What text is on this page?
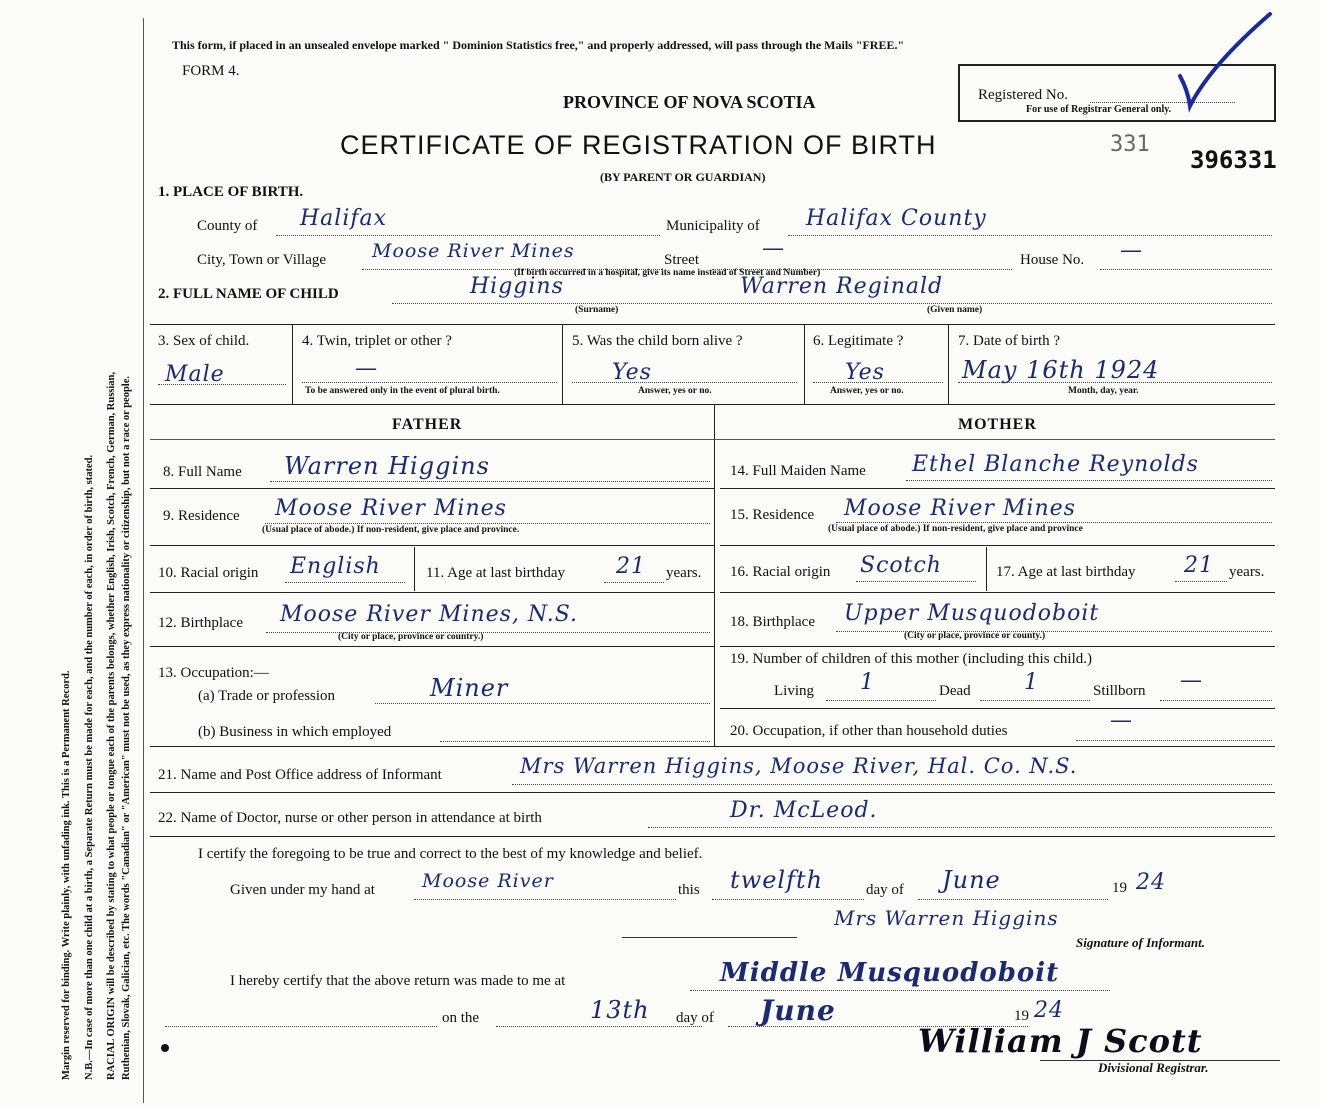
Margin reserved for binding. Write plainly, with unfading ink. This is a Permanent Record. N.B.—In case of more than one child at a birth, a Separate Return must be made for each, and the number of each, in order of birth, stated. RACIAL ORIGIN will be described by stating to what people or tongue each of the parents belongs, whether English, Irish, Scotch, French, German, Russian, Ruthenian, Slovak, Galician, etc. The words "Canadian" or "American" must not be used, as they express nationality or citizenship, but not a race or people.
This form, if placed in an unsealed envelope marked " Dominion Statistics free," and properly addressed, will pass through the Mails "FREE."
FORM 4.
PROVINCE OF NOVA SCOTIA
CERTIFICATE OF REGISTRATION OF BIRTH
(BY PARENT OR GUARDIAN)
Registered No.
For use of Registrar General only.
331
396331
1. PLACE OF BIRTH.
County of Halifax	Municipality of Halifax County
City, Town or Village Moose River Mines	Street	—	House No. —
(If birth occurred in a hospital, give its name instead of Street and Number)
2. FULL NAME OF CHILD	Higgins	Warren Reginald
(Surname)	(Given name)
3. Sex of child.
Male
4. Twin, triplet or other ?
—
To be answered only in the event of plural birth.
5. Was the child born alive ?
Yes
Answer, yes or no.
6. Legitimate ?
Yes
Answer, yes or no.
7. Date of birth ?
May 16th 1924
Month, day, year.
FATHER	MOTHER
8. Full Name Warren Higgins	14. Full Maiden Name Ethel Blanche Reynolds
9. Residence Moose River Mines
(Usual place of abode.) If non-resident, give place and province.
15. Residence Moose River Mines
(Usual place of abode.) If non-resident, give place and province
10. Racial origin English	11. Age at last birthday 21 years. 16. Racial origin Scotch	17. Age at last birthday 21 years.
12. Birthplace Moose River Mines, N.S.
(City or place, province or country.)
18. Birthplace Upper Musquodoboit
(City or place, province or county.)
13. Occupation:—
(a) Trade or profession	Miner
19. Number of children of this mother (including this child.)
Living 1	Dead 1	Stillborn —
(b) Business in which employed	20. Occupation, if other than household duties	—
21. Name and Post Office address of Informant	Mrs Warren Higgins, Moose River, Hal. Co. N.S.
22. Name of Doctor, nurse or other person in attendance at birth	Dr. McLeod.
I certify the foregoing to be true and correct to the best of my knowledge and belief.
Given under my hand at Moose River	this twelfth	day of June	19 24
Mrs Warren Higgins
Signature of Informant.
I hereby certify that the above return was made to me at	Middle Musquodoboit
on the	13th day of June	19 24
William J Scott
Divisional Registrar.
